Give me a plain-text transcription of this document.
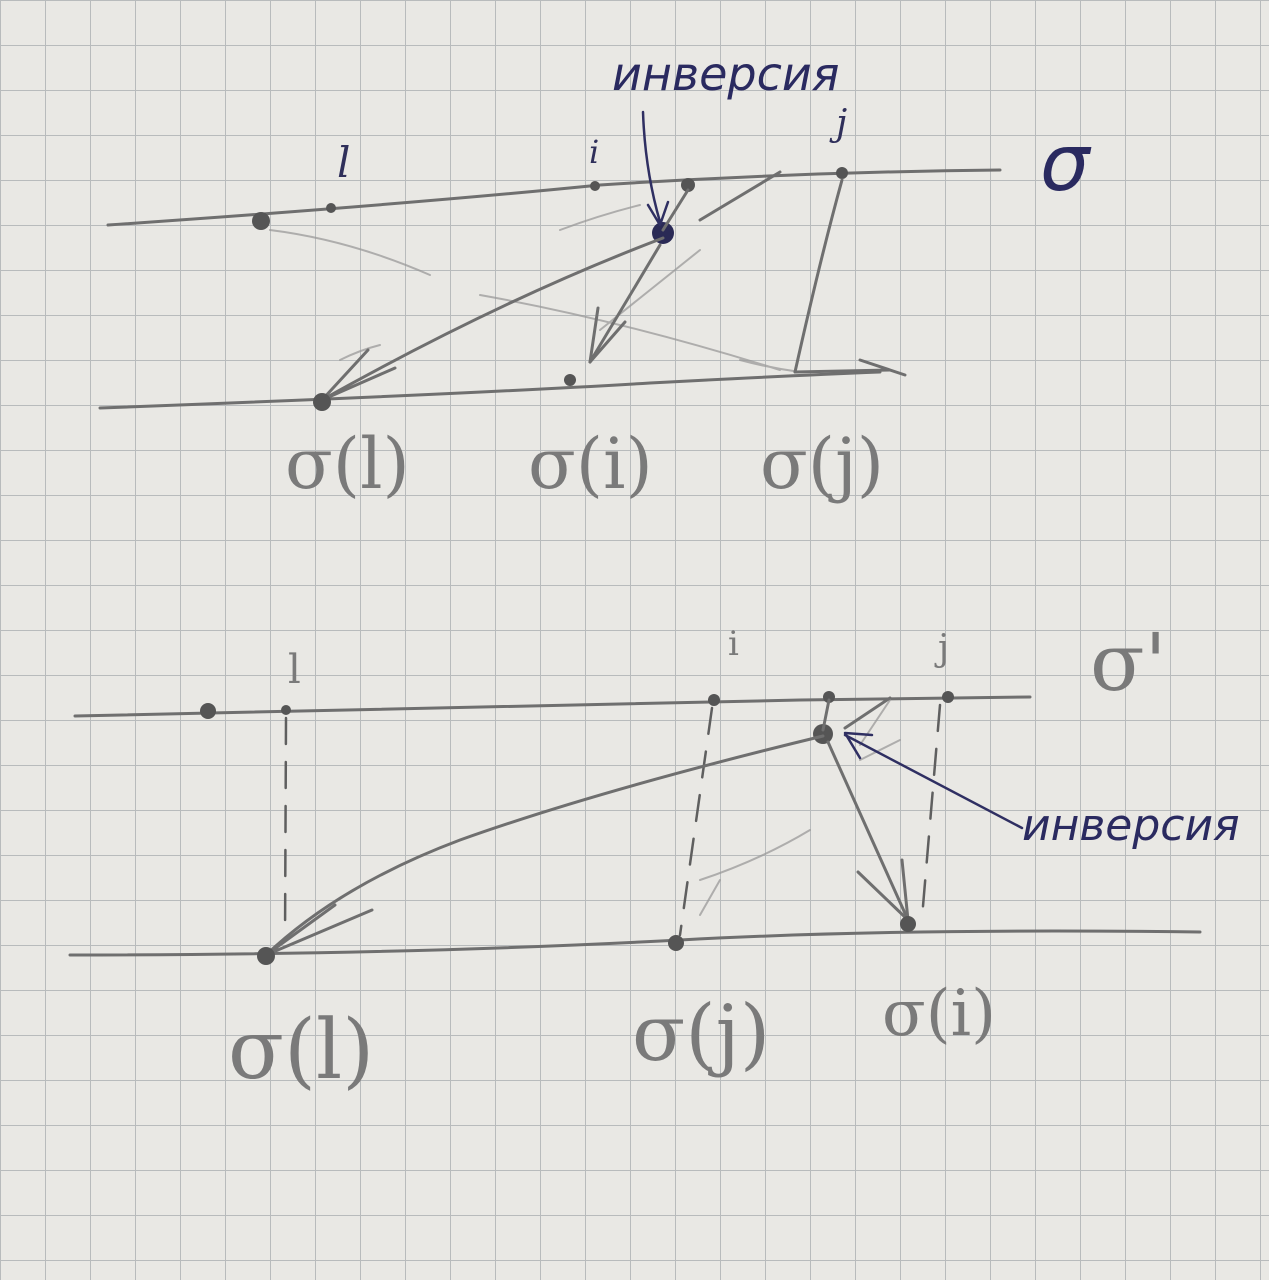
l	i
j σ
инверсия
σ(l) σ(i) σ(j)
l
i	j σ'
инверсия
σ(l)	σ(j) σ(i)
